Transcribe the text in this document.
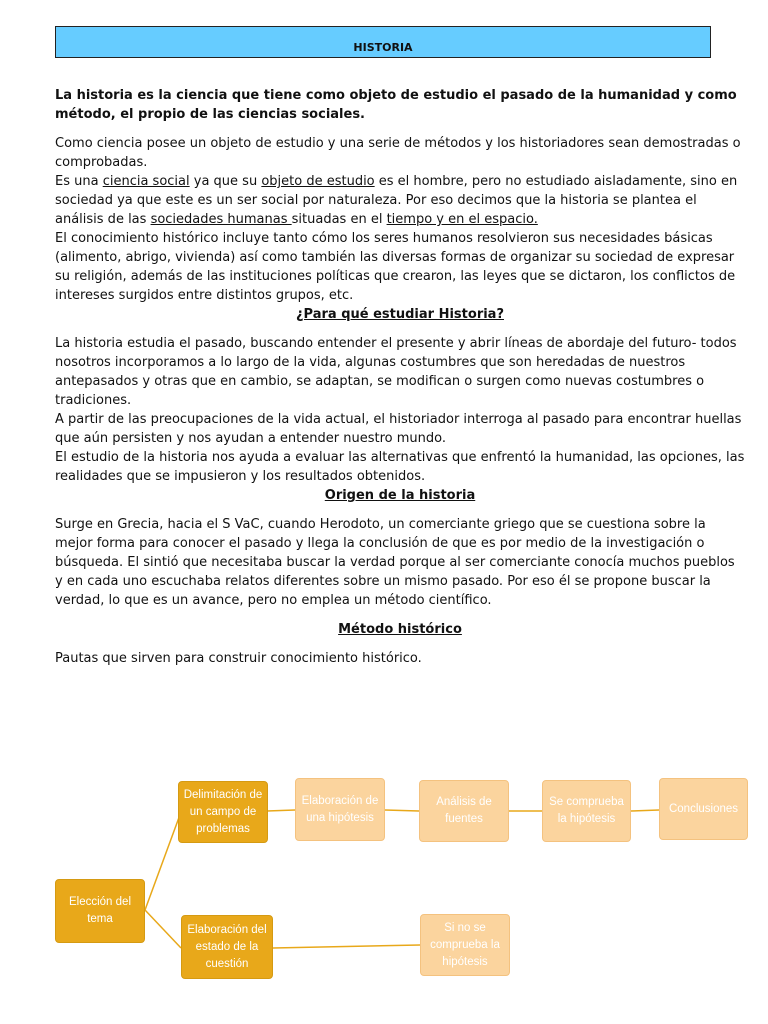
HISTORIA

La historia es la ciencia que tiene como objeto de estudio el pasado de la humanidad y como método, el propio de las ciencias sociales.

Como ciencia posee un objeto de estudio y una serie de métodos y los historiadores sean demostradas o comprobadas.

Es una ciencia social ya que su objeto de estudio es el hombre, pero no estudiado aisladamente, sino en sociedad ya que este es un ser social por naturaleza. Por eso decimos que la historia se plantea el análisis de las sociedades humanas situadas en el tiempo y en el espacio.

El conocimiento histórico incluye tanto cómo los seres humanos resolvieron sus necesidades básicas (alimento, abrigo, vivienda) así como también las diversas formas de organizar su sociedad de expresar su religión, además de las instituciones políticas que crearon, las leyes que se dictaron, los conflictos de intereses surgidos entre distintos grupos, etc.

¿Para qué estudiar Historia?

La historia estudia el pasado, buscando entender el presente y abrir líneas de abordaje del futuro- todos nosotros incorporamos a lo largo de la vida, algunas costumbres que son heredadas de nuestros antepasados y otras que en cambio, se adaptan, se modifican o surgen como nuevas costumbres o tradiciones.

A partir de las preocupaciones de la vida actual, el historiador interroga al pasado para encontrar huellas que aún persisten y nos ayudan a entender nuestro mundo.

El estudio de la historia nos ayuda a evaluar las alternativas que enfrentó la humanidad, las opciones, las realidades que se impusieron y los resultados obtenidos.

Origen de la historia

Surge en Grecia, hacia el S VaC, cuando Herodoto, un comerciante griego que se cuestiona sobre la mejor forma para conocer el pasado y llega la conclusión de que es por medio de la investigación o búsqueda. El sintió que necesitaba buscar la verdad porque al ser comerciante conocía muchos pueblos y en cada uno escuchaba relatos diferentes sobre un mismo pasado. Por eso él se propone buscar la verdad, lo que es un avance, pero no emplea un método científico.

Método histórico

Pautas que sirven para construir conocimiento histórico.

Elección del tema
Delimitación de un campo de problemas
Elaboración de una hipótesis
Análisis de fuentes
Se comprueba la hipótesis
Conclusiones
Elaboración del estado de la cuestión
Si no se comprueba la hipótesis
